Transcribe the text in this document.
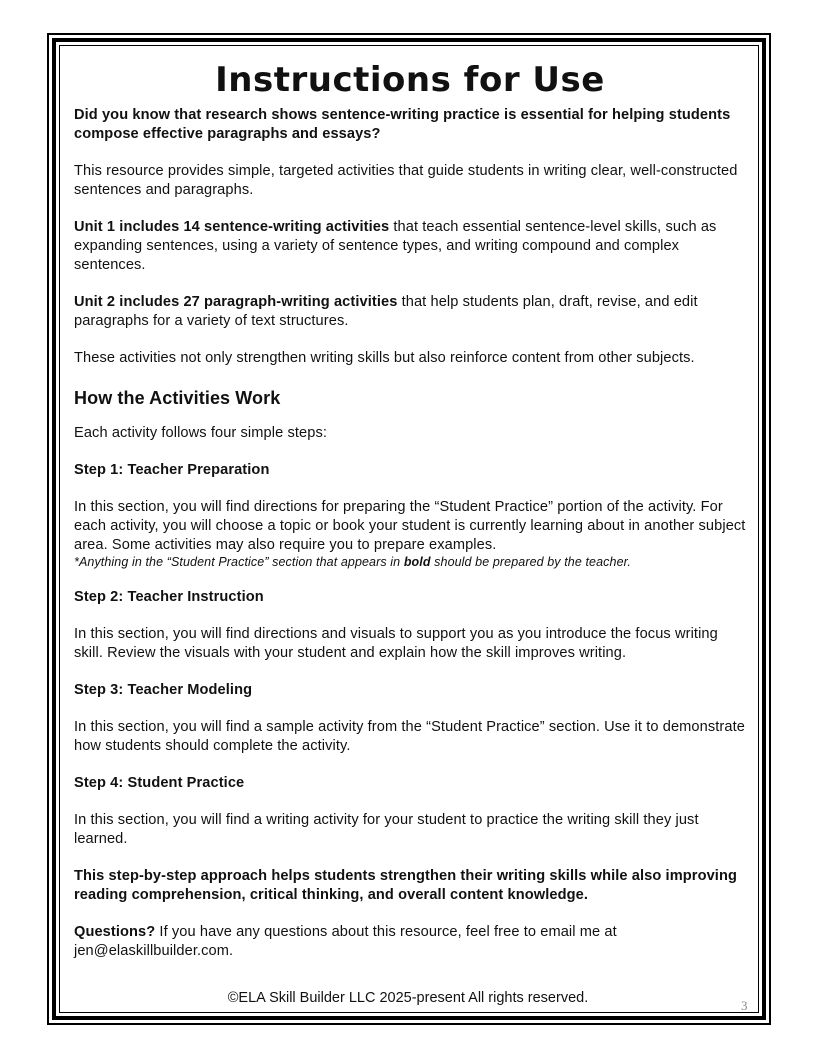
Instructions for Use

Did you know that research shows sentence-writing practice is essential for helping students compose effective paragraphs and essays?

This resource provides simple, targeted activities that guide students in writing clear, well-constructed sentences and paragraphs.

Unit 1 includes 14 sentence-writing activities that teach essential sentence-level skills, such as expanding sentences, using a variety of sentence types, and writing compound and complex sentences.

Unit 2 includes 27 paragraph-writing activities that help students plan, draft, revise, and edit paragraphs for a variety of text structures.

These activities not only strengthen writing skills but also reinforce content from other subjects.

How the Activities Work

Each activity follows four simple steps:

Step 1: Teacher Preparation

In this section, you will find directions for preparing the “Student Practice” portion of the activity. For each activity, you will choose a topic or book your student is currently learning about in another subject area. Some activities may also require you to prepare examples.
*Anything in the “Student Practice” section that appears in bold should be prepared by the teacher.

Step 2: Teacher Instruction

In this section, you will find directions and visuals to support you as you introduce the focus writing skill. Review the visuals with your student and explain how the skill improves writing.

Step 3: Teacher Modeling

In this section, you will find a sample activity from the “Student Practice” section. Use it to demonstrate how students should complete the activity.

Step 4: Student Practice

In this section, you will find a writing activity for your student to practice the writing skill they just learned.

This step-by-step approach helps students strengthen their writing skills while also improving reading comprehension, critical thinking, and overall content knowledge.

Questions? If you have any questions about this resource, feel free to email me at jen@elaskillbuilder.com.

©ELA Skill Builder LLC 2025-present All rights reserved.	3
